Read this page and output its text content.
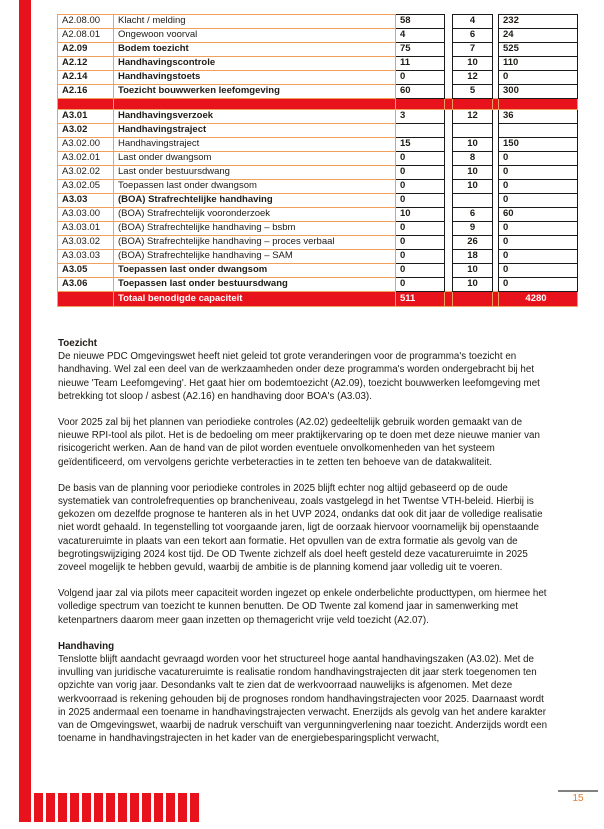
A2.08.00	Klacht / melding	58		4		232
A2.08.01	Ongewoon voorval	4		6		24
A2.09	Bodem toezicht	75		7		525
A2.12	Handhavingscontrole	11		10		110
A2.14	Handhavingstoets	0		12		0
A2.16	Toezicht bouwwerken leefomgeving	60		5		300

A3.01	Handhavingsverzoek	3		12		36
A3.02	Handhavingstraject					
A3.02.00	Handhavingstraject	15		10		150
A3.02.01	Last onder dwangsom	0		8		0
A3.02.02	Last onder bestuursdwang	0		10		0
A3.02.05	Toepassen last onder dwangsom	0		10		0
A3.03	(BOA) Strafrechtelijke handhaving	0				0
A3.03.00	(BOA) Strafrechtelijk vooronderzoek	10		6		60
A3.03.01	(BOA) Strafrechtelijke handhaving – bsbm	0		9		0
A3.03.02	(BOA) Strafrechtelijke handhaving – proces verbaal	0		26		0
A3.03.03	(BOA) Strafrechtelijke handhaving – SAM	0		18		0
A3.05	Toepassen last onder dwangsom	0		10		0
A3.06	Toepassen last onder bestuursdwang	0		10		0
	Totaal benodigde capaciteit	511				4280
Toezicht

De nieuwe PDC Omgevingswet heeft niet geleid tot grote veranderingen voor de programma's toezicht en handhaving. Wel zal een deel van de werkzaamheden onder deze programma's worden ondergebracht bij het nieuwe 'Team Leefomgeving'. Het gaat hier om bodemtoezicht (A2.09), toezicht bouwwerken leefomgeving met betrekking tot sloop / asbest (A2.16) en handhaving door BOA's (A3.03).

Voor 2025 zal bij het plannen van periodieke controles (A2.02) gedeeltelijk gebruik worden gemaakt van de nieuwe RPI-tool als pilot. Het is de bedoeling om meer praktijkervaring op te doen met deze nieuwe manier van risicogericht werken. Aan de hand van de pilot worden eventuele onvolkomenheden van het systeem geïdentificeerd, om vervolgens gerichte verbeteracties in te zetten ten behoeve van de datakwaliteit.

De basis van de planning voor periodieke controles in 2025 blijft echter nog altijd gebaseerd op de oude systematiek van controlefrequenties op brancheniveau, zoals vastgelegd in het Twentse VTH-beleid. Hierbij is gekozen om dezelfde prognose te hanteren als in het UVP 2024, ondanks dat ook dit jaar de volledige realisatie niet wordt gehaald. In tegenstelling tot voorgaande jaren, ligt de oorzaak hiervoor voornamelijk bij openstaande vacatureruimte in plaats van een tekort aan formatie. Het opvullen van de extra formatie als gevolg van de begrotingswijziging 2024 kost tijd. De OD Twente zichzelf als doel heeft gesteld deze vacatureruimte in 2025 zoveel mogelijk te hebben gevuld, waarbij de ambitie is de planning komend jaar volledig uit te voeren.

Volgend jaar zal via pilots meer capaciteit worden ingezet op enkele onderbelichte producttypen, om hiermee het volledige spectrum van toezicht te kunnen benutten. De OD Twente zal komend jaar in samenwerking met ketenpartners daarom meer gaan inzetten op themagericht vrije veld toezicht (A2.07).

Handhaving

Tenslotte blijft aandacht gevraagd worden voor het structureel hoge aantal handhavingszaken (A3.02). Met de invulling van juridische vacatureruimte is realisatie rondom handhavingstrajecten dit jaar sterk toegenomen ten opzichte van vorig jaar. Desondanks valt te zien dat de werkvoorraad nauwelijks is afgenomen. Met deze werkvoorraad is rekening gehouden bij de prognoses rondom handhavingstrajecten voor 2025. Daarnaast wordt in 2025 andermaal een toename in handhavingstrajecten verwacht. Enerzijds als gevolg van het andere karakter van de Omgevingswet, waarbij de nadruk verschuift van vergunningverlening naar toezicht. Anderzijds wordt een toename in handhavingstrajecten in het kader van de energiebesparingsplicht verwacht,

15
